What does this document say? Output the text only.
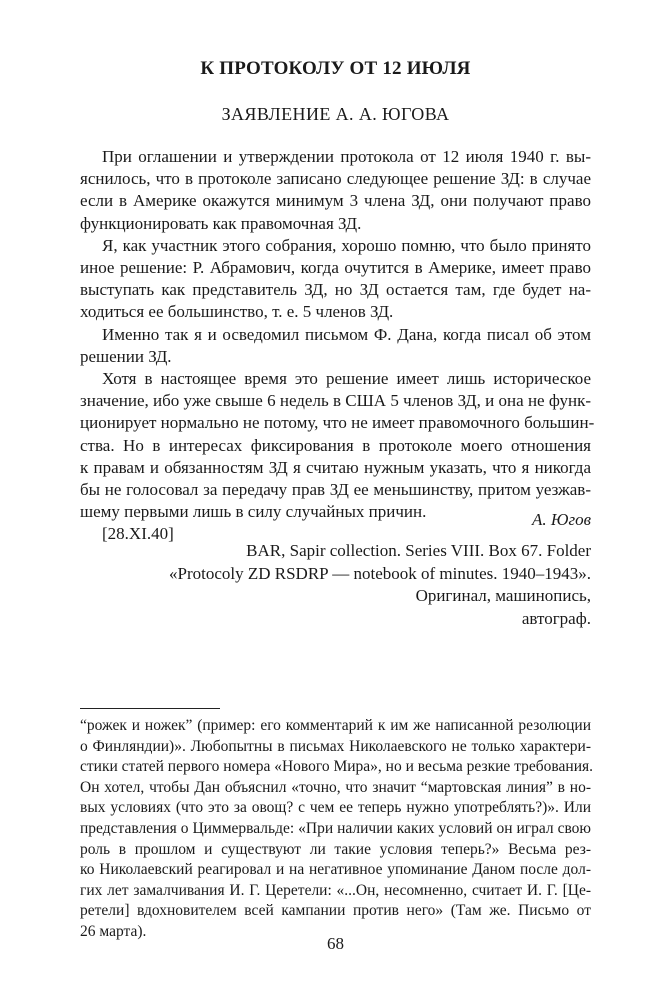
К ПРОТОКОЛУ ОТ 12 ИЮЛЯ
ЗАЯВЛЕНИЕ А. А. ЮГОВА
При оглашении и утверждении протокола от 12 июля 1940 г. вы-
яснилось, что в протоколе записано следующее решение ЗД: в случае
если в Америке окажутся минимум 3 члена ЗД, они получают право
функционировать как правомочная ЗД.
Я, как участник этого собрания, хорошо помню, что было принято
иное решение: Р. Абрамович, когда очутится в Америке, имеет право
выступать как представитель ЗД, но ЗД остается там, где будет на-
ходиться ее большинство, т. е. 5 членов ЗД.
Именно так я и осведомил письмом Ф. Дана, когда писал об этом
решении ЗД.
Хотя в настоящее время это решение имеет лишь историческое
значение, ибо уже свыше 6 недель в США 5 членов ЗД, и она не функ-
ционирует нормально не потому, что не имеет правомочного большин-
ства. Но в интересах фиксирования в протоколе моего отношения
к правам и обязанностям ЗД я считаю нужным указать, что я никогда
бы не голосовал за передачу прав ЗД ее меньшинству, притом уезжав-
шему первыми лишь в силу случайных причин.
[28.XI.40]
А. Югов
BAR, Sapir collection. Series VIII. Box 67. Folder
«Protocoly ZD RSDRP — notebook of minutes. 1940–1943».
Оригинал, машинопись,
автограф.
“рожек и ножек” (пример: его комментарий к им же написанной резолюции
о Финляндии)». Любопытны в письмах Николаевского не только характери-
стики статей первого номера «Нового Мира», но и весьма резкие требования.
Он хотел, чтобы Дан объяснил «точно, что значит “мартовская линия” в но-
вых условиях (что это за овощ? с чем ее теперь нужно употреблять?)». Или
представления о Циммервальде: «При наличии каких условий он играл свою
роль в прошлом и существуют ли такие условия теперь?» Весьма рез-
ко Николаевский реагировал и на негативное упоминание Даном после дол-
гих лет замалчивания И. Г. Церетели: «...Он, несомненно, считает И. Г. [Це-
ретели] вдохновителем всей кампании против него» (Там же. Письмо от
26 марта).
68
